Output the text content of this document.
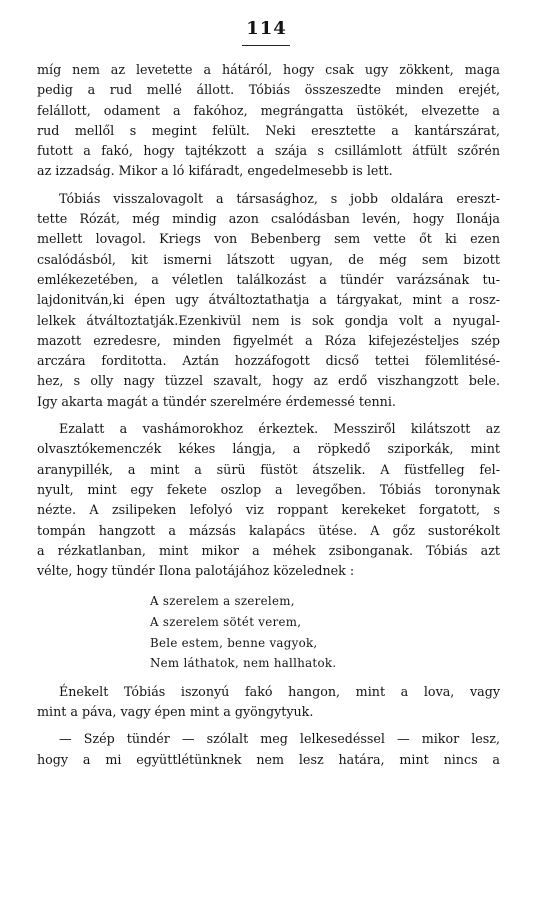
114

míg nem az levetette a hátáról, hogy csak ugy zökkent, maga
pedig a rud mellé állott. Tóbiás összeszedte minden erejét,
felállott, odament a fakóhoz, megrángatta üstökét, elvezette a
rud mellől s megint felült. Neki eresztette a kantárszárat,
futott a fakó, hogy tajtékzott a szája s csillámlott átfült szőrén
az izzadság. Mikor a ló kifáradt, engedelmesebb is lett.

Tóbiás visszalovagolt a társasághoz, s jobb oldalára ereszt-
tette Rózát, még mindig azon csalódásban levén, hogy Ilonája
mellett lovagol. Kriegs von Bebenberg sem vette őt ki ezen
csalódásból, kit ismerni látszott ugyan, de még sem bizott
emlékezetében, a véletlen találkozást a tündér varázsának tu-
lajdonitván,ki épen ugy átváltoztathatja a tárgyakat, mint a rosz-
lelkek átváltoztatják.Ezenkivül nem is sok gondja volt a nyugal-
mazott ezredesre, minden figyelmét a Róza kifejezésteljes szép
arczára forditotta. Aztán hozzáfogott dicső tettei fölemlitésé-
hez, s olly nagy tüzzel szavalt, hogy az erdő viszhangzott bele.
Igy akarta magát a tündér szerelmére érdemessé tenni.

Ezalatt a vashámorokhoz érkeztek. Messziről kilátszott az
olvasztókemenczék kékes lángja, a röpkedő sziporkák, mint
aranypillék, a mint a sürü füstöt átszelik. A füstfelleg fel-
nyult, mint egy fekete oszlop a levegőben. Tóbiás toronynak
nézte. A zsilipeken lefolyó viz roppant kerekeket forgatott, s
tompán hangzott a mázsás kalapács ütése. A gőz sustorékolt
a rézkatlanban, mint mikor a méhek zsibonganak. Tóbiás azt
vélte, hogy tündér Ilona palotájához közelednek :

A szerelem a szerelem,
A szerelem sötét verem,
Bele estem, benne vagyok,
Nem láthatok, nem hallhatok.

Énekelt Tóbiás iszonyú fakó hangon, mint a lova, vagy
mint a páva, vagy épen mint a gyöngytyuk.

— Szép tündér — szólalt meg lelkesedéssel — mikor lesz,
hogy a mi együttlétünknek nem lesz határa, mint nincs a
